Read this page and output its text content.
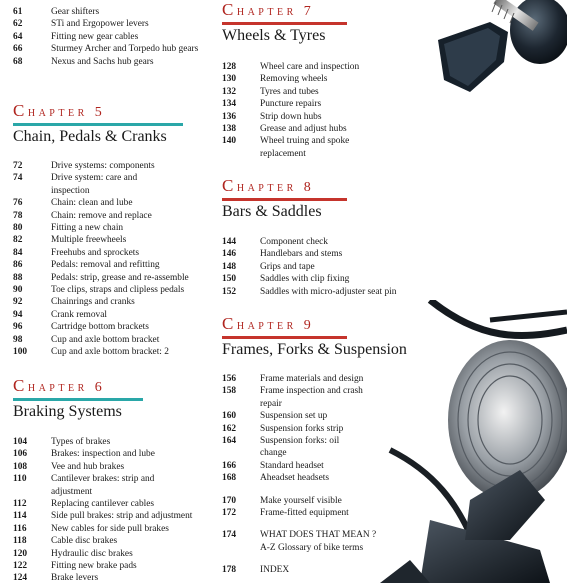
61	Gear shifters
62	STi and Ergopower levers
64	Fitting new gear cables
66	Sturmey Archer and Torpedo hub gears
68	Nexus and Sachs hub gears
Chapter 5
Chain, Pedals & Cranks
72	Drive systems: components
74	Drive system: care and inspection
76	Chain: clean and lube
78	Chain: remove and replace
80	Fitting a new chain
82	Multiple freewheels
84	Freehubs and sprockets
86	Pedals: removal and refitting
88	Pedals: strip, grease and re-assemble
90	Toe clips, straps and clipless pedals
92	Chainrings and cranks
94	Crank removal
96	Cartridge bottom brackets
98	Cup and axle bottom bracket
100	Cup and axle bottom bracket: 2
Chapter 6
Braking Systems
104	Types of brakes
106	Brakes: inspection and lube
108	Vee and hub brakes
110	Cantilever brakes: strip and adjustment
112	Replacing cantilever cables
114	Side pull brakes: strip and adjustment
116	New cables for side pull brakes
118	Cable disc brakes
120	Hydraulic disc brakes
122	Fitting new brake pads
124	Brake levers
Chapter 7
Wheels & Tyres
128	Wheel care and inspection
130	Removing wheels
132	Tyres and tubes
134	Puncture repairs
136	Strip down hubs
138	Grease and adjust hubs
140	Wheel truing and spoke replacement
Chapter 8
Bars & Saddles
144	Component check
146	Handlebars and stems
148	Grips and tape
150	Saddles with clip fixing
152	Saddles with micro-adjuster seat pin
Chapter 9
Frames, Forks & Suspension
156	Frame materials and design
158	Frame inspection and crash repair
160	Suspension set up
162	Suspension forks strip
164	Suspension forks: oil change
166	Standard headset
168	Aheadset headsets
170	Make yourself visible
172	Frame-fitted equipment
174	WHAT DOES THAT MEAN ?
A-Z Glossary of bike terms
178	INDEX
